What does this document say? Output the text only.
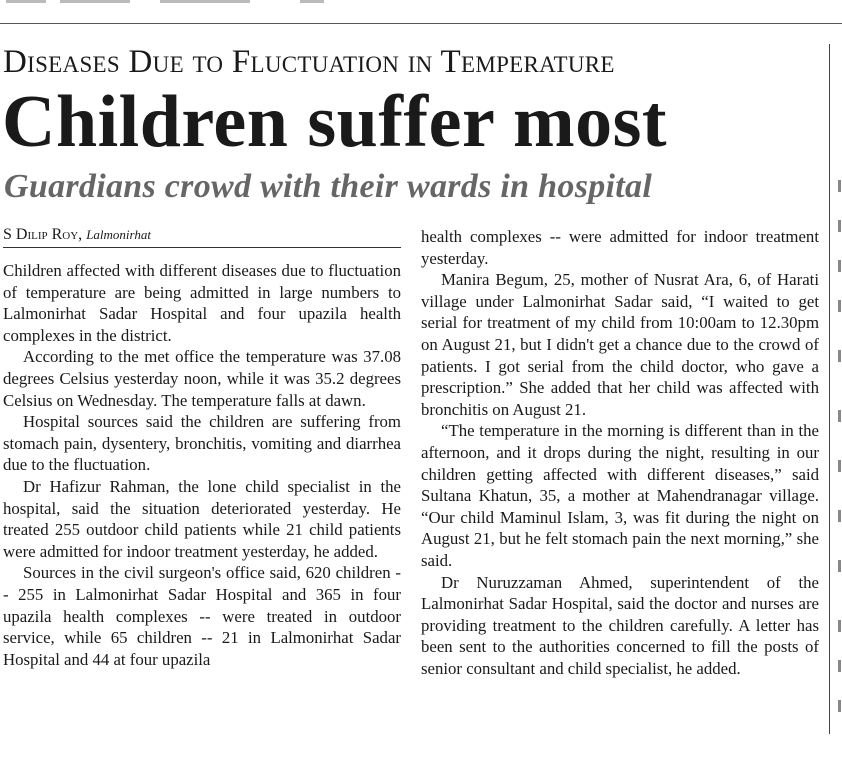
Diseases Due to Fluctuation in Temperature
Children suffer most
Guardians crowd with their wards in hospital
S Dilip Roy, Lalmonirhat

Children affected with different diseases due to fluctuation of temperature are being admitted in large numbers to Lalmonirhat Sadar Hospital and four upazila health complexes in the district.

According to the met office the temperature was 37.08 degrees Celsius yesterday noon, while it was 35.2 degrees Celsius on Wednesday. The temperature falls at dawn.

Hospital sources said the children are suffering from stomach pain, dysentery, bronchitis, vomiting and diarrhea due to the fluctuation.

Dr Hafizur Rahman, the lone child specialist in the hospital, said the situation deteriorated yesterday. He treated 255 outdoor child patients while 21 child patients were admitted for indoor treatment yesterday, he added.

Sources in the civil surgeon's office said, 620 children -- 255 in Lalmonirhat Sadar Hospital and 365 in four upazila health complexes -- were treated in outdoor service, while 65 children -- 21 in Lalmonirhat Sadar Hospital and 44 at four upazila

health complexes -- were admitted for indoor treatment yesterday.

Manira Begum, 25, mother of Nusrat Ara, 6, of Harati village under Lalmonirhat Sadar said, “I waited to get serial for treatment of my child from 10:00am to 12.30pm on August 21, but I didn't get a chance due to the crowd of patients. I got serial from the child doctor, who gave a prescription.” She added that her child was affected with bronchitis on August 21.

“The temperature in the morning is different than in the afternoon, and it drops during the night, resulting in our children getting affected with different diseases,” said Sultana Khatun, 35, a mother at Mahendranagar village. “Our child Maminul Islam, 3, was fit during the night on August 21, but he felt stomach pain the next morning,” she said.

Dr Nuruzzaman Ahmed, superintendent of the Lalmonirhat Sadar Hospital, said the doctor and nurses are providing treatment to the children carefully. A letter has been sent to the authorities concerned to fill the posts of senior consultant and child specialist, he added.
